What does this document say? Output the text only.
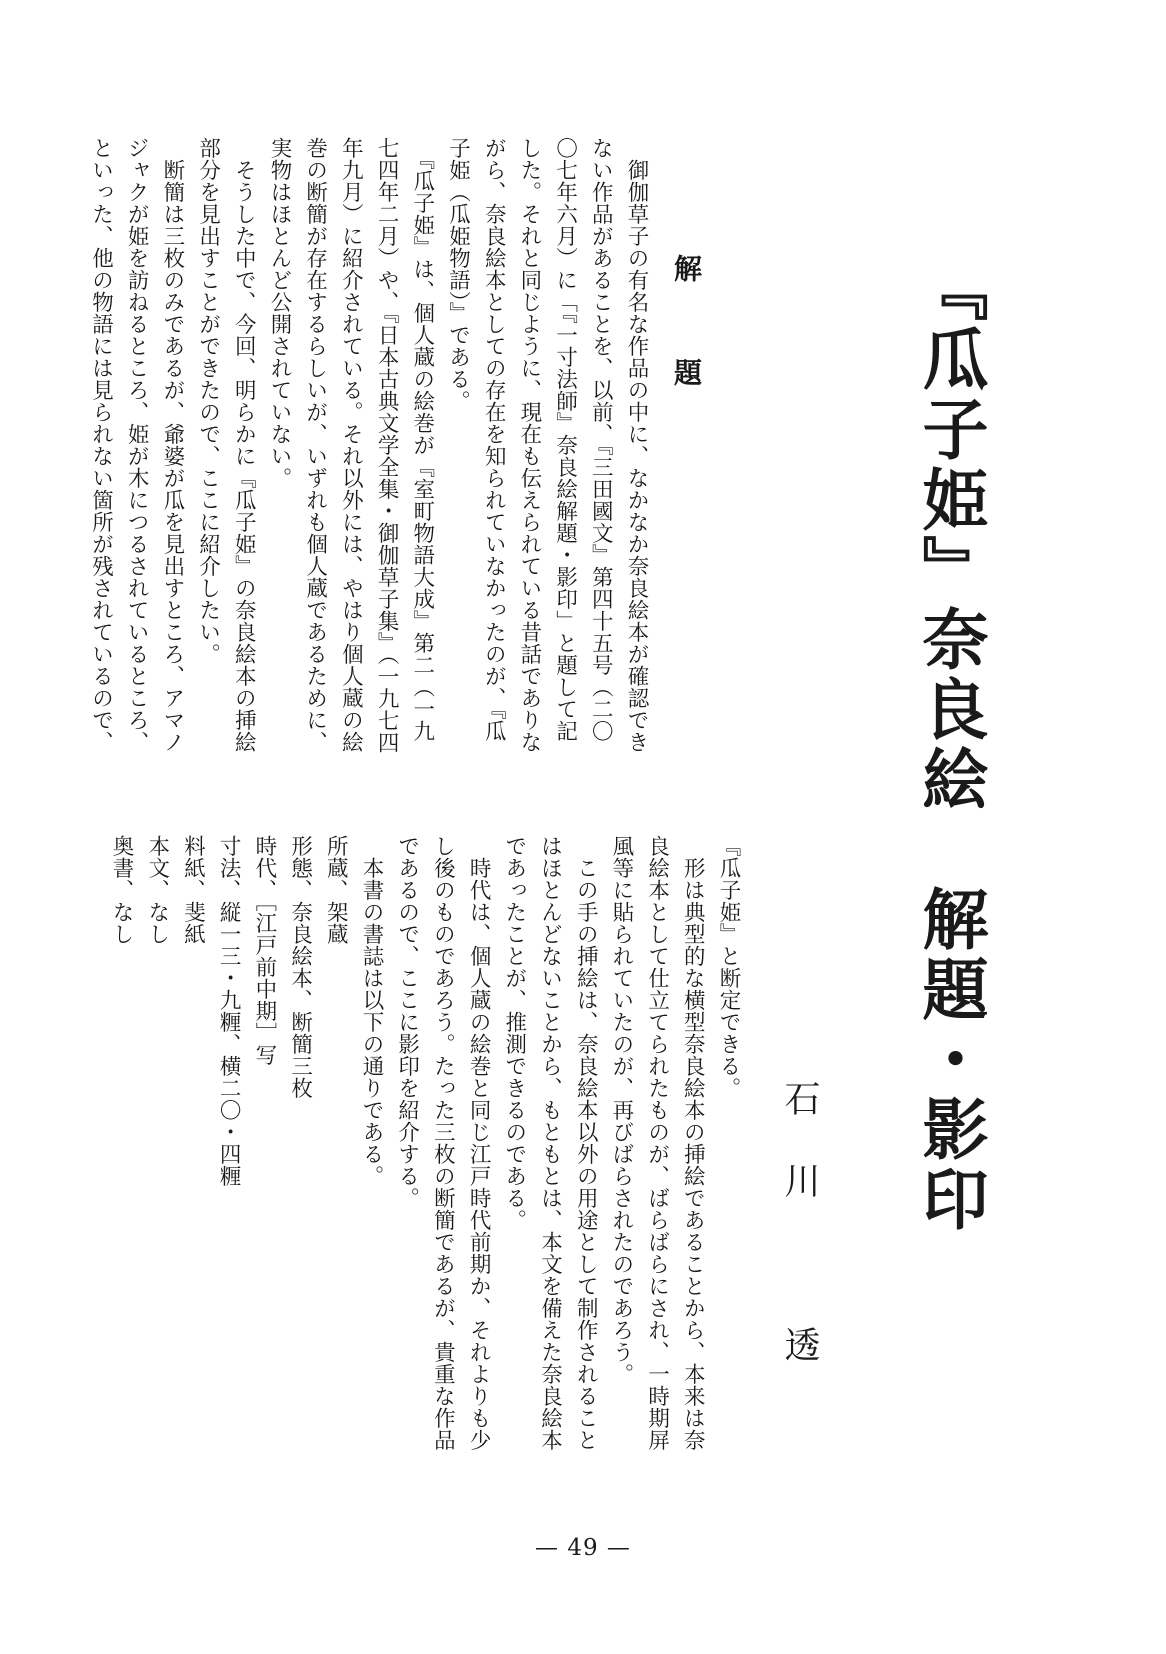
『瓜子姫』奈良絵　解題・影印
石川　透
解　題
　御伽草子の有名な作品の中に、なかなか奈良絵本が確認でき
ない作品があることを、以前、『三田國文』第四十五号（二〇
〇七年六月）に「『一寸法師』奈良絵解題・影印」と題して記
した。それと同じように、現在も伝えられている昔話でありな
がら、奈良絵本としての存在を知られていなかったのが、『瓜
子姫（瓜姫物語）』である。
　『瓜子姫』は、個人蔵の絵巻が『室町物語大成』第二（一九
七四年二月）や、『日本古典文学全集・御伽草子集』（一九七四
年九月）に紹介されている。それ以外には、やはり個人蔵の絵
巻の断簡が存在するらしいが、いずれも個人蔵であるために、
実物はほとんど公開されていない。
　そうした中で、今回、明らかに『瓜子姫』の奈良絵本の挿絵
部分を見出すことができたので、ここに紹介したい。
　断簡は三枚のみであるが、爺婆が瓜を見出すところ、アマノ
ジャクが姫を訪ねるところ、姫が木につるされているところ、
といった、他の物語には見られない箇所が残されているので、
『瓜子姫』と断定できる。
　形は典型的な横型奈良絵本の挿絵であることから、本来は奈
良絵本として仕立てられたものが、ばらばらにされ、一時期屏
風等に貼られていたのが、再びばらされたのであろう。
　この手の挿絵は、奈良絵本以外の用途として制作されること
はほとんどないことから、もともとは、本文を備えた奈良絵本
であったことが、推測できるのである。
　時代は、個人蔵の絵巻と同じ江戸時代前期か、それよりも少
し後のものであろう。たった三枚の断簡であるが、貴重な作品
であるので、ここに影印を紹介する。
　本書の書誌は以下の通りである。
所蔵、架蔵
形態、奈良絵本、断簡三枚
時代、［江戸前中期］写
寸法、縦一三・九糎、横二〇・四糎
料紙、斐紙
本文、なし
奥書、なし
— 49 —
